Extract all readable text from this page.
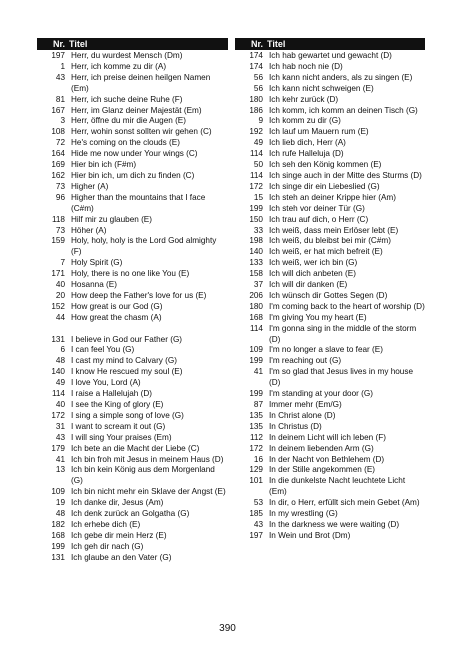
Nr. Titel
197 Herr, du wurdest Mensch (Dm)
1 Herr, ich komme zu dir (A)
43 Herr, ich preise deinen heilgen Namen (Em)
81 Herr, ich suche deine Ruhe (F)
167 Herr, im Glanz deiner Majestät (Em)
3 Herr, öffne du mir die Augen (E)
108 Herr, wohin sonst sollten wir gehen (C)
72 He's coming on the clouds (E)
164 Hide me now under Your wings (C)
169 Hier bin ich (F#m)
162 Hier bin ich, um dich zu finden (C)
73 Higher (A)
96 Higher than the mountains that I face (C#m)
118 Hilf mir zu glauben (E)
73 Höher (A)
159 Holy, holy, holy is the Lord God almighty (F)
7 Holy Spirit (G)
171 Holy, there is no one like You (E)
40 Hosanna (E)
20 How deep the Father's love for us (E)
152 How great is our God (G)
44 How great the chasm (A)
131 I believe in God our Father (G)
6 I can feel You (G)
48 I cast my mind to Calvary (G)
140 I know He rescued my soul (E)
49 I love You, Lord (A)
114 I raise a Hallelujah (D)
40 I see the King of glory (E)
172 I sing a simple song of love (G)
31 I want to scream it out (G)
43 I will sing Your praises (Em)
179 Ich bete an die Macht der Liebe (C)
41 Ich bin froh mit Jesus in meinem Haus (D)
13 Ich bin kein König aus dem Morgenland (G)
109 Ich bin nicht mehr ein Sklave der Angst (E)
19 Ich danke dir, Jesus (Am)
48 Ich denk zurück an Golgatha (G)
182 Ich erhebe dich (E)
168 Ich gebe dir mein Herz (E)
199 Ich geh dir nach (G)
131 Ich glaube an den Vater (G)
Nr. Titel
174 Ich hab gewartet und gewacht (D)
174 Ich hab noch nie (D)
56 Ich kann nicht anders, als zu singen (E)
56 Ich kann nicht schweigen (E)
180 Ich kehr zurück (D)
186 Ich komm, ich komm an deinen Tisch (G)
9 Ich komm zu dir (G)
192 Ich lauf um Mauern rum (E)
49 Ich lieb dich, Herr (A)
114 Ich rufe Halleluja (D)
50 Ich seh den König kommen (E)
114 Ich singe auch in der Mitte des Sturms (D)
172 Ich singe dir ein Liebeslied (G)
15 Ich steh an deiner Krippe hier (Am)
199 Ich steh vor deiner Tür (G)
150 Ich trau auf dich, o Herr (C)
33 Ich weiß, dass mein Erlöser lebt (E)
198 Ich weiß, du bleibst bei mir (C#m)
140 Ich weiß, er hat mich befreit (E)
133 Ich weiß, wer ich bin (G)
158 Ich will dich anbeten (E)
37 Ich will dir danken (E)
206 Ich wünsch dir Gottes Segen (D)
180 I'm coming back to the heart of worship (D)
168 I'm giving You my heart (E)
114 I'm gonna sing in the middle of the storm (D)
109 I'm no longer a slave to fear (E)
199 I'm reaching out (G)
41 I'm so glad that Jesus lives in my house (D)
199 I'm standing at your door (G)
87 Immer mehr (Em/G)
135 In Christ alone (D)
135 In Christus (D)
112 In deinem Licht will ich leben (F)
172 In deinem liebenden Arm (G)
16 In der Nacht von Bethlehem (D)
129 In der Stille angekommen (E)
101 In die dunkelste Nacht leuchtete Licht (Em)
53 In dir, o Herr, erfüllt sich mein Gebet (Am)
185 In my wrestling (G)
43 In the darkness we were waiting (D)
197 In Wein und Brot (Dm)
390
